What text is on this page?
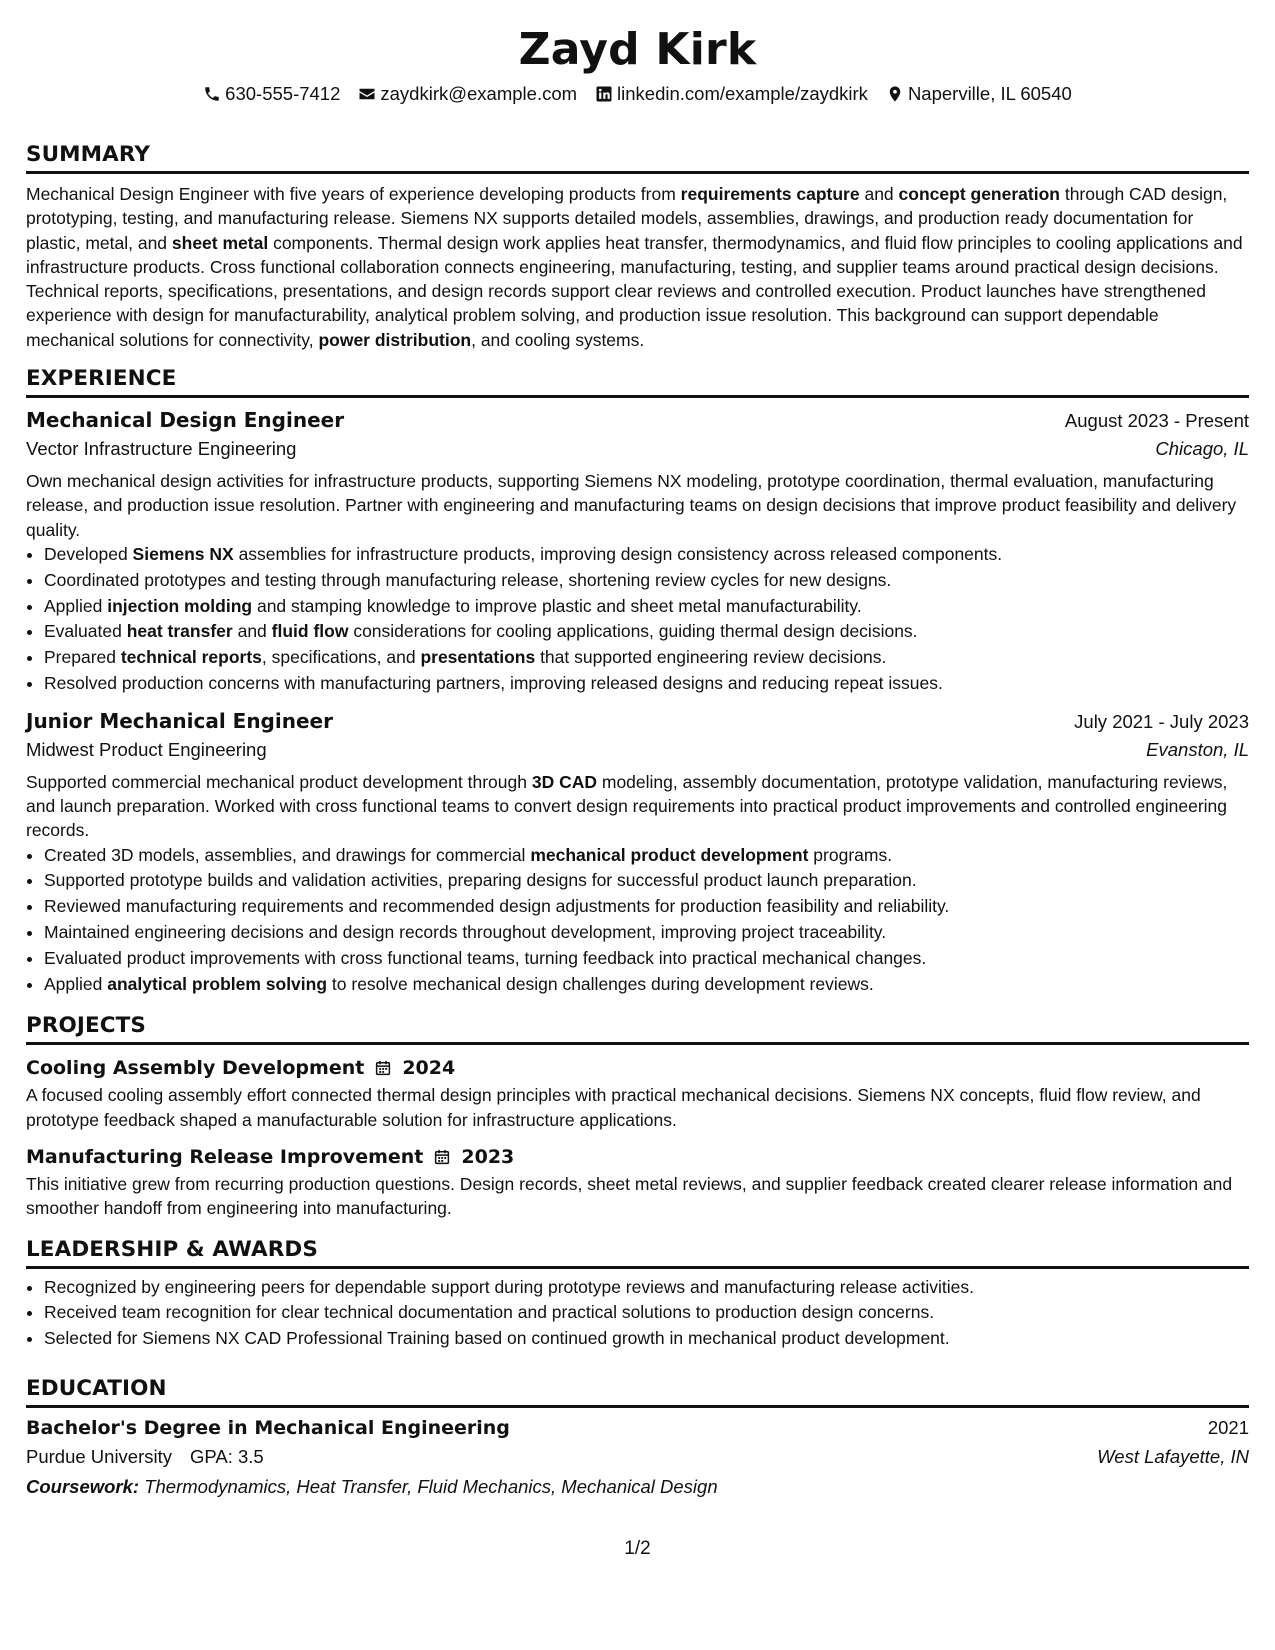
Zayd Kirk
630-555-7412 zaydkirk@example.com linkedin.com/example/zaydkirk Naperville, IL 60540
SUMMARY
Mechanical Design Engineer with five years of experience developing products from requirements capture and concept generation through CAD design, prototyping, testing, and manufacturing release. Siemens NX supports detailed models, assemblies, drawings, and production ready documentation for plastic, metal, and sheet metal components. Thermal design work applies heat transfer, thermodynamics, and fluid flow principles to cooling applications and infrastructure products. Cross functional collaboration connects engineering, manufacturing, testing, and supplier teams around practical design decisions. Technical reports, specifications, presentations, and design records support clear reviews and controlled execution. Product launches have strengthened experience with design for manufacturability, analytical problem solving, and production issue resolution. This background can support dependable mechanical solutions for connectivity, power distribution, and cooling systems.
EXPERIENCE
Mechanical Design Engineer	August 2023 - Present
Vector Infrastructure Engineering	Chicago, IL
Own mechanical design activities for infrastructure products, supporting Siemens NX modeling, prototype coordination, thermal evaluation, manufacturing release, and production issue resolution. Partner with engineering and manufacturing teams on design decisions that improve product feasibility and delivery quality.
• Developed Siemens NX assemblies for infrastructure products, improving design consistency across released components.
• Coordinated prototypes and testing through manufacturing release, shortening review cycles for new designs.
• Applied injection molding and stamping knowledge to improve plastic and sheet metal manufacturability.
• Evaluated heat transfer and fluid flow considerations for cooling applications, guiding thermal design decisions.
• Prepared technical reports, specifications, and presentations that supported engineering review decisions.
• Resolved production concerns with manufacturing partners, improving released designs and reducing repeat issues.
Junior Mechanical Engineer	July 2021 - July 2023
Midwest Product Engineering	Evanston, IL
Supported commercial mechanical product development through 3D CAD modeling, assembly documentation, prototype validation, manufacturing reviews, and launch preparation. Worked with cross functional teams to convert design requirements into practical product improvements and controlled engineering records.
• Created 3D models, assemblies, and drawings for commercial mechanical product development programs.
• Supported prototype builds and validation activities, preparing designs for successful product launch preparation.
• Reviewed manufacturing requirements and recommended design adjustments for production feasibility and reliability.
• Maintained engineering decisions and design records throughout development, improving project traceability.
• Evaluated product improvements with cross functional teams, turning feedback into practical mechanical changes.
• Applied analytical problem solving to resolve mechanical design challenges during development reviews.
PROJECTS
Cooling Assembly Development 2024
A focused cooling assembly effort connected thermal design principles with practical mechanical decisions. Siemens NX concepts, fluid flow review, and prototype feedback shaped a manufacturable solution for infrastructure applications.
Manufacturing Release Improvement 2023
This initiative grew from recurring production questions. Design records, sheet metal reviews, and supplier feedback created clearer release information and smoother handoff from engineering into manufacturing.
LEADERSHIP & AWARDS
• Recognized by engineering peers for dependable support during prototype reviews and manufacturing release activities.
• Received team recognition for clear technical documentation and practical solutions to production design concerns.
• Selected for Siemens NX CAD Professional Training based on continued growth in mechanical product development.
EDUCATION
Bachelor's Degree in Mechanical Engineering	2021
Purdue University GPA: 3.5	West Lafayette, IN
Coursework: Thermodynamics, Heat Transfer, Fluid Mechanics, Mechanical Design
1/2
